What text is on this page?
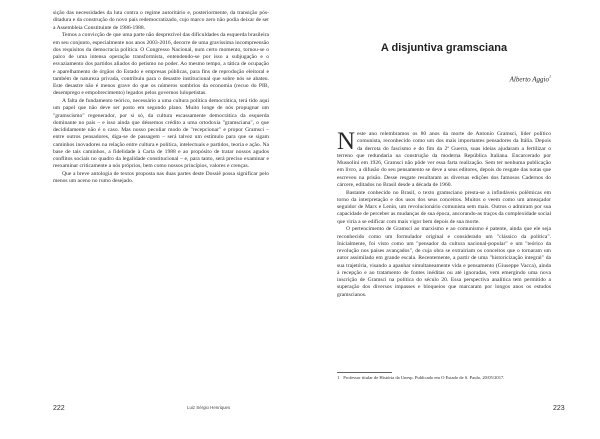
sição das necessidades da luta contra o regime autoritário e, posteriormente, da transição pós-ditadura e da construção do novo país redemocratizado, cujo marco zero não podia deixar de ser a Assembleia Constituinte de 1986-1988.

Temos a convicção de que uma parte não desprezível das dificuldades da esquerda brasileira em seu conjunto, especialmente nos anos 2003-2016, decorre de uma gravíssima incompreensão dos requisitos da democracia política. O Congresso Nacional, num certo momento, tornou-se o palco de uma intensa operação transformista, entendendo-se por isso a subjugação e o esvaziamento dos partidos aliados do petismo no poder. Ao mesmo tempo, a tática de ocupação e aparelhamento de órgãos do Estado e empresas públicas, para fins de reprodução eleitoral e também de natureza privada, contribuiu para o desastre institucional que sobre nós se abateu. Este desastre não é menos grave do que os números sombrios da economia (recuo do PIB, desemprego e empobrecimento) legados pelos governos lulopetistas.

A falta de fundamento teórico, necessário a uma cultura política democrática, terá tido aqui um papel que não deve ser posto em segundo plano. Muito longe de nós propugnar um "gramscismo" regenerador, por si só, da cultura escassamente democrática da esquerda dominante no país – e isso ainda que déssemos crédito a uma ortodoxia "gramsciana", o que decididamente não é o caso. Mas nosso peculiar modo de "recepcionar" e propor Gramsci – entre outros pensadores, diga-se de passagem – será talvez um estímulo para que se sigam caminhos inovadores na relação entre cultura e política, intelectuais e partidos, teoria e ação. Na base de tais caminhos, a fidelidade à Carta de 1988 e ao propósito de tratar nossos agudos conflitos sociais no quadro da legalidade constitucional – e, para tanto, será preciso examinar e reexaminar criticamente a nós próprios, bem como nossos princípios, valores e crenças.

Que a breve antologia de textos proposta nas duas partes deste Dossiê possa significar pelo menos um aceno no rumo desejado.

222	Luiz Sérgio Henriques
A disjuntiva gramsciana
Alberto Aggio$^1$

Neste ano relembramos os 80 anos da morte de Antonio Gramsci, líder político comunista, reconhecido como um dos mais importantes pensadores da Itália. Depois da derrota do fascismo e do fim da 2ª Guerra, suas ideias ajudaram a fertilizar o terreno que redundaria na construção da moderna República Italiana. Encarcerado por Mussolini em 1926, Gramsci não pôde ver essa farta realização. Sem ter nenhuma publicação em livro, a difusão do seu pensamento se deve a seus editores, depois do resgate das notas que escreveu na prisão. Desse resgate resultaram as diversas edições dos famosos Cadernos do cárcere, editados no Brasil desde a década de 1960.

Bastante conhecido no Brasil, o texto gramsciano presta-se a infindáveis polêmicas em torno da interpretação e dos usos dos seus conceitos. Muitos o veem como um ameaçador seguidor de Marx e Lenin, um revolucionário comunista sem mais. Outros o admiram por sua capacidade de perceber as mudanças de sua época, ancorando-as traços da complexidade social que viria a se edificar com mais vigor bem depois de sua morte.

O pertencimento de Gramsci ao marxismo e ao comunismo é patente, ainda que ele seja reconhecido como um formulador original e considerado um "clássico da política". Inicialmente, foi visto como um "pensador da cultura nacional-popular" e um "teórico da revolução nos países avançados", de cuja obra se extrairiam os conceitos que o tornaram um autor assimilado em grande escala. Recentemente, a partir de uma "historicização integral" da sua trajetória, visando a apanhar simultaneamente vida e pensamento (Giuseppe Vacca), ainda à recepção e ao tratamento de fontes inéditas ou até ignoradas, vem emergindo uma nova inscrição de Gramsci na política do século 20. Essa perspectiva analítica tem permitido a superação dos diversos impasses e bloqueios que marcaram por longos anos os estudos gramscianos.

1 Professor titular de História da Unesp. Publicado em O Estado de S. Paulo, 20/05/2017.
223
